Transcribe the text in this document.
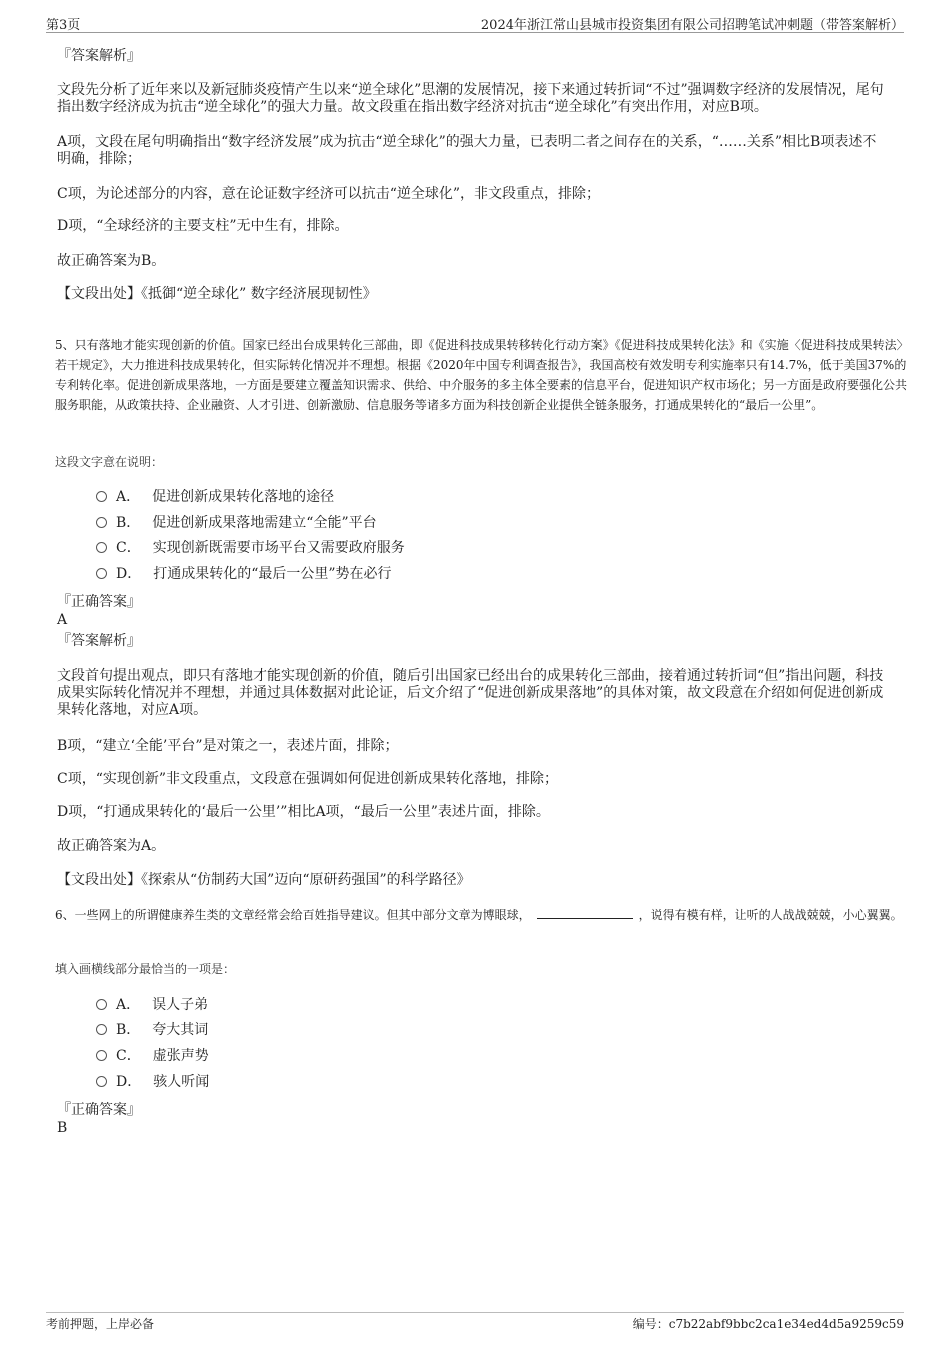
第3页	2024年浙江常山县城市投资集团有限公司招聘笔试冲刺题（带答案解析）

『答案解析』

文段先分析了近年来以及新冠肺炎疫情产生以来“逆全球化”思潮的发展情况，接下来通过转折词“不过”强调数字经济的发展情况，尾句指出数字经济成为抗击“逆全球化”的强大力量。故文段重在指出数字经济对抗击“逆全球化”有突出作用，对应B项。

A项，文段在尾句明确指出“数字经济发展”成为抗击“逆全球化”的强大力量，已表明二者之间存在的关系，“……关系”相比B项表述不明确，排除；

C项，为论述部分的内容，意在论证数字经济可以抗击“逆全球化”，非文段重点，排除；

D项，“全球经济的主要支柱”无中生有，排除。

故正确答案为B。

【文段出处】《抵御“逆全球化” 数字经济展现韧性》

5、只有落地才能实现创新的价值。国家已经出台成果转化三部曲，即《促进科技成果转移转化行动方案》《促进科技成果转化法》和《实施〈促进科技成果转法〉若干规定》，大力推进科技成果转化，但实际转化情况并不理想。根据《2020年中国专利调查报告》，我国高校有效发明专利实施率只有14.7%，低于美国37%的专利转化率。促进创新成果落地，一方面是要建立覆盖知识需求、供给、中介服务的多主体全要素的信息平台，促进知识产权市场化；另一方面是政府要强化公共服务职能，从政策扶持、企业融资、人才引进、创新激励、信息服务等诸多方面为科技创新企业提供全链条服务，打通成果转化的“最后一公里”。

这段文字意在说明：

A． 促进创新成果转化落地的途径
B． 促进创新成果落地需建立“全能”平台
C． 实现创新既需要市场平台又需要政府服务
D． 打通成果转化的“最后一公里”势在必行

『正确答案』

A

『答案解析』

文段首句提出观点，即只有落地才能实现创新的价值，随后引出国家已经出台的成果转化三部曲，接着通过转折词“但”指出问题，科技成果实际转化情况并不理想，并通过具体数据对此论证，后文介绍了“促进创新成果落地”的具体对策，故文段意在介绍如何促进创新成果转化落地，对应A项。

B项，“建立‘全能’平台”是对策之一，表述片面，排除；

C项，“实现创新”非文段重点，文段意在强调如何促进创新成果转化落地，排除；

D项，“打通成果转化的‘最后一公里’”相比A项，“最后一公里”表述片面，排除。

故正确答案为A。

【文段出处】《探索从“仿制药大国”迈向“原研药强国”的科学路径》

6、一些网上的所谓健康养生类的文章经常会给百姓指导建议。但其中部分文章为博眼球，	，说得有模有样，让听的人战战兢兢，小心翼翼。

填入画横线部分最恰当的一项是：

A． 误人子弟
B． 夸大其词
C． 虚张声势
D． 骇人听闻

『正确答案』

B

考前押题，上岸必备	编号：c7b22abf9bbc2ca1e34ed4d5a9259c59
